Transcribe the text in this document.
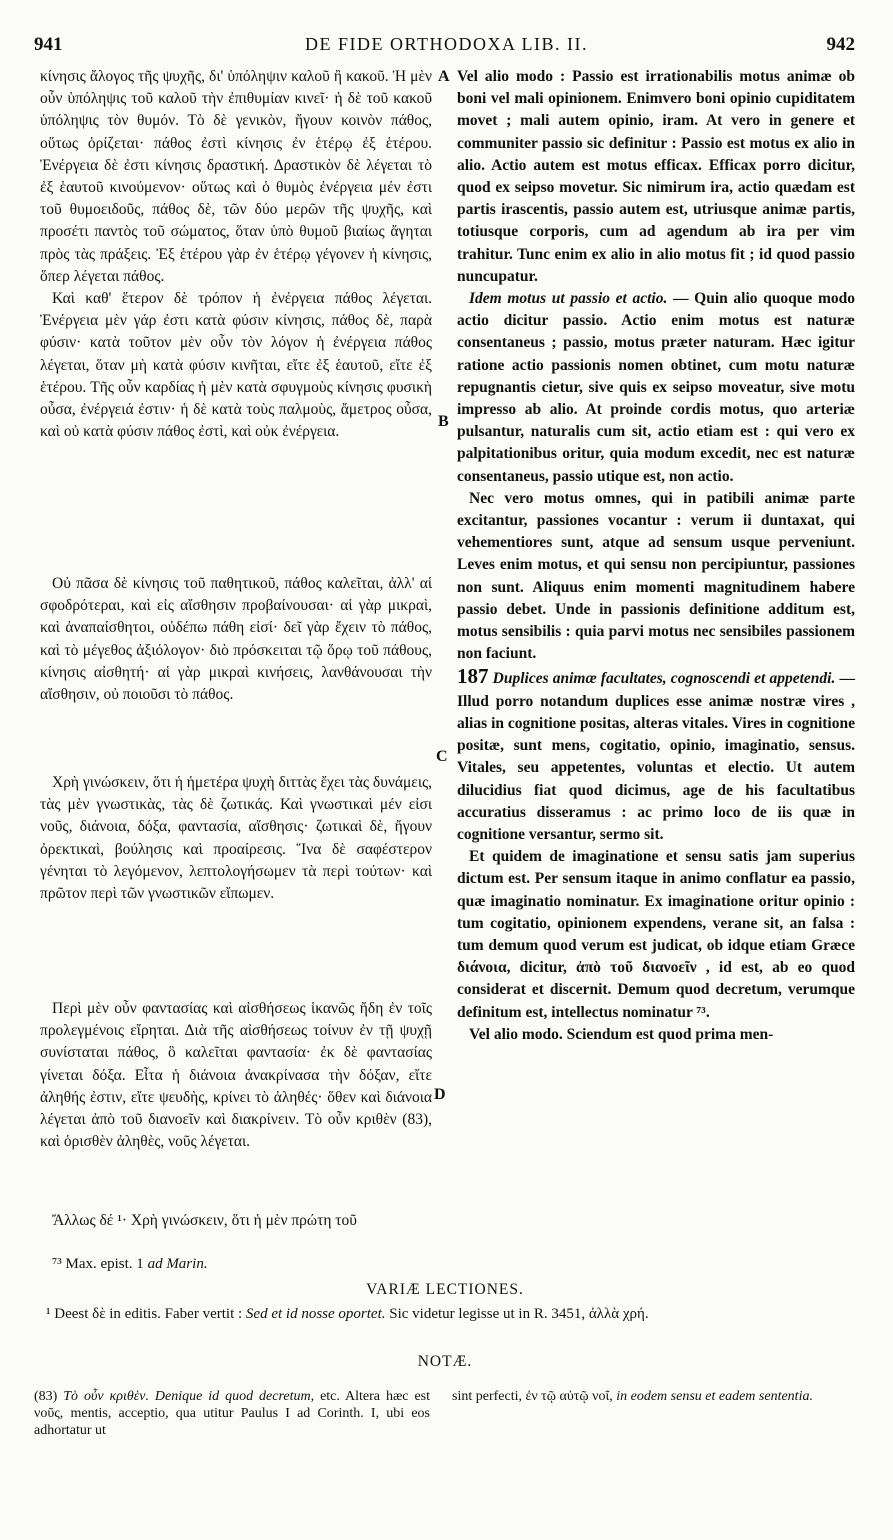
941	DE FIDE ORTHODOXA LIB. II.	942

κίνησις ἄλογος τῆς ψυχῆς, δι' ὑπόληψιν καλοῦ ἢ κακοῦ. Ἡ μὲν οὖν ὑπόληψις τοῦ καλοῦ τὴν ἐπιθυμίαν κινεῖ· ἡ δὲ τοῦ κακοῦ ὑπόληψις τὸν θυμόν. Τὸ δὲ γενικὸν, ἤγουν κοινὸν πάθος, οὕτως ὁρίζεται· πάθος ἐστὶ κίνησις ἐν ἑτέρῳ ἐξ ἑτέρου. Ἐνέργεια δὲ ἐστι κίνησις δραστική. Δραστικὸν δὲ λέγεται τὸ ἐξ ἑαυτοῦ κινούμενον· οὕτως καὶ ὁ θυμὸς ἐνέργεια μέν ἐστι τοῦ θυμοειδοῦς, πάθος δὲ, τῶν δύο μερῶν τῆς ψυχῆς, καὶ προσέτι παντὸς τοῦ σώματος, ὅταν ὑπὸ θυμοῦ βιαίως ἄγηται πρὸς τὰς πράξεις. Ἐξ ἑτέρου γὰρ ἐν ἑτέρῳ γέγονεν ἡ κίνησις, ὅπερ λέγεται πάθος.

Καὶ καθ' ἕτερον δὲ τρόπον ἡ ἐνέργεια πάθος λέγεται. Ἐνέργεια μὲν γάρ ἐστι κατὰ φύσιν κίνησις, πάθος δὲ, παρὰ φύσιν· κατὰ τοῦτον μὲν οὖν τὸν λόγον ἡ ἐνέργεια πάθος λέγεται, ὅταν μὴ κατὰ φύσιν κινῆται, εἴτε ἐξ ἑαυτοῦ, εἴτε ἐξ ἑτέρου. Τῆς οὖν καρδίας ἡ μὲν κατὰ σφυγμοὺς κίνησις φυσικὴ οὖσα, ἐνέργειά ἐστιν· ἡ δὲ κατὰ τοὺς παλμοὺς, ἄμετρος οὖσα, καὶ οὐ κατὰ φύσιν πάθος ἐστὶ, καὶ οὐκ ἐνέργεια.

Οὐ πᾶσα δὲ κίνησις τοῦ παθητικοῦ, πάθος καλεῖται, ἀλλ' αἱ σφοδρότεραι, καὶ εἰς αἴσθησιν προβαίνουσαι· αἱ γὰρ μικραὶ, καὶ ἀναπαίσθητοι, οὐδέπω πάθη εἰσί· δεῖ γὰρ ἔχειν τὸ πάθος, καὶ τὸ μέγεθος ἀξιόλογον· διὸ πρόσκειται τῷ ὅρῳ τοῦ πάθους, κίνησις αἰσθητή· αἱ γὰρ μικραὶ κινήσεις, λανθάνουσαι τὴν αἴσθησιν, οὐ ποιοῦσι τὸ πάθος.

Χρὴ γινώσκειν, ὅτι ἡ ἡμετέρα ψυχὴ διττὰς ἔχει τὰς δυνάμεις, τὰς μὲν γνωστικὰς, τὰς δὲ ζωτικάς. Καὶ γνωστικαὶ μέν εἰσι νοῦς, διάνοια, δόξα, φαντασία, αἴσθησις· ζωτικαὶ δὲ, ἤγουν ὀρεκτικαὶ, βούλησις καὶ προαίρεσις. Ἵνα δὲ σαφέστερον γένηται τὸ λεγόμενον, λεπτολογήσωμεν τὰ περὶ τούτων· καὶ πρῶτον περὶ τῶν γνωστικῶν εἴπωμεν.

Περὶ μὲν οὖν φαντασίας καὶ αἰσθήσεως ἱκανῶς ἤδη ἐν τοῖς προλεγμένοις εἴρηται. Διὰ τῆς αἰσθήσεως τοίνυν ἐν τῇ ψυχῇ συνίσταται πάθος, ὃ καλεῖται φαντασία· ἐκ δὲ φαντασίας γίνεται δόξα. Εἶτα ἡ διάνοια ἀνακρίνασα τὴν δόξαν, εἴτε ἀληθής ἐστιν, εἴτε ψευδὴς, κρίνει τὸ ἀληθές· ὅθεν καὶ διάνοια λέγεται ἀπὸ τοῦ διανοεῖν καὶ διακρίνειν. Τὸ οὖν κριθὲν (83), καὶ ὁρισθὲν ἀληθὲς, νοῦς λέγεται.

Ἄλλως δέ ¹· Χρὴ γινώσκειν, ὅτι ἡ μὲν πρώτη τοῦ

A
B
C
D

Vel alio modo : Passio est irrationabilis motus animæ ob boni vel mali opinionem. Enimvero boni opinio cupiditatem movet ; mali autem opinio, iram. At vero in genere et communiter passio sic definitur : Passio est motus ex alio in alio. Actio autem est motus efficax. Efficax porro dicitur, quod ex seipso movetur. Sic nimirum ira, actio quædam est partis irascentis, passio autem est, utriusque animæ partis, totiusque corporis, cum ad agendum ab ira per vim trahitur. Tunc enim ex alio in alio motus fit ; id quod passio nuncupatur.

Idem motus ut passio et actio. — Quin alio quoque modo actio dicitur passio. Actio enim motus est naturæ consentaneus ; passio, motus præter naturam. Hæc igitur ratione actio passionis nomen obtinet, cum motu naturæ repugnantis cietur, sive quis ex seipso moveatur, sive motu impresso ab alio. At proinde cordis motus, quo arteriæ pulsantur, naturalis cum sit, actio etiam est : qui vero ex palpitationibus oritur, quia modum excedit, nec est naturæ consentaneus, passio utique est, non actio.

Nec vero motus omnes, qui in patibili animæ parte excitantur, passiones vocantur : verum ii duntaxat, qui vehementiores sunt, atque ad sensum usque perveniunt. Leves enim motus, et qui sensu non percipiuntur, passiones non sunt. Aliquus enim momenti magnitudinem habere passio debet. Unde in passionis definitione additum est, motus sensibilis : quia parvi motus nec sensibiles passionem non faciunt.

187 Duplices animæ facultates, cognoscendi et appetendi. — Illud porro notandum duplices esse animæ nostræ vires , alias in cognitione positas, alteras vitales. Vires in cognitione positæ, sunt mens, cogitatio, opinio, imaginatio, sensus. Vitales, seu appetentes, voluntas et electio. Ut autem dilucidius fiat quod dicimus, age de his facultatibus accuratius disseramus : ac primo loco de iis quæ in cognitione versantur, sermo sit.

Et quidem de imaginatione et sensu satis jam superius dictum est. Per sensum itaque in animo conflatur ea passio, quæ imaginatio nominatur. Ex imaginatione oritur opinio : tum cogitatio, opinionem expendens, verane sit, an falsa : tum demum quod verum est judicat, ob idque etiam Græce διάνοια, dicitur, ἀπὸ τοῦ διανοεῖν , id est, ab eo quod considerat et discernit. Demum quod decretum, verumque definitum est, intellectus nominatur ⁷³.

Vel alio modo. Sciendum est quod prima men-

⁷³ Max. epist. 1 ad Marin.

VARIÆ LECTIONES.

¹ Deest δὲ in editis. Faber vertit : Sed et id nosse oportet. Sic videtur legisse ut in R. 3451, ἀλλὰ χρή.

NOTÆ.

(83) Τὸ οὖν κριθὲν. Denique id quod decretum, etc. Altera hæc est νοῦς, mentis, acceptio, qua utitur Paulus I ad Corinth. I, ubi eos adhortatur ut
sint perfecti, ἐν τῷ αὐτῷ νοΐ, in eodem sensu et eadem sententia.
